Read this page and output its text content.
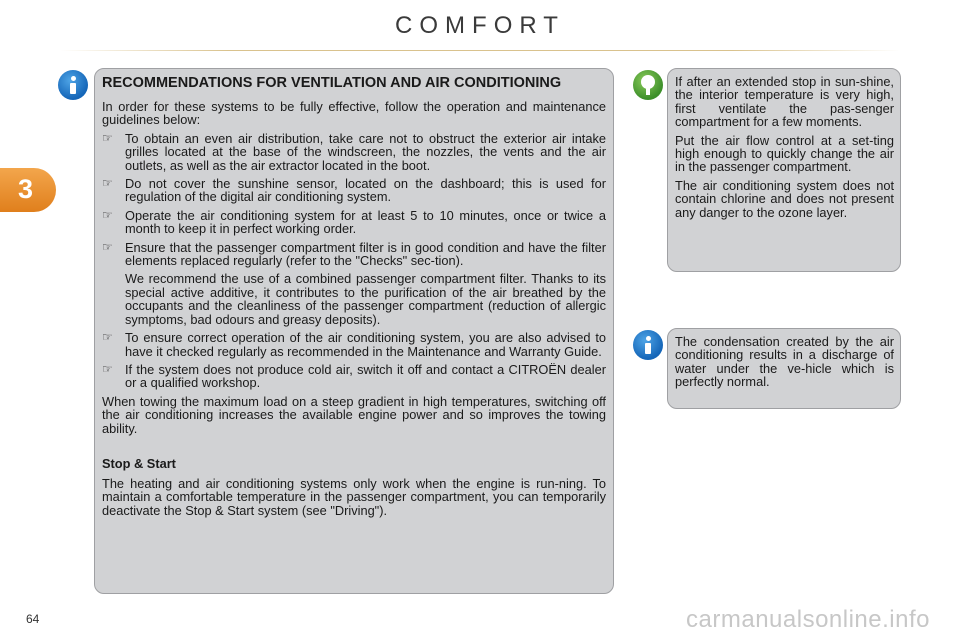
COMFORT
3
RECOMMENDATIONS FOR VENTILATION AND AIR CONDITIONING

In order for these systems to be fully effective, follow the operation and maintenance guidelines below:

☞ To obtain an even air distribution, take care not to obstruct the exterior air intake grilles located at the base of the windscreen, the nozzles, the vents and the air outlets, as well as the air extractor located in the boot.

☞ Do not cover the sunshine sensor, located on the dashboard; this is used for regulation of the digital air conditioning system.

☞ Operate the air conditioning system for at least 5 to 10 minutes, once or twice a month to keep it in perfect working order.

☞ Ensure that the passenger compartment filter is in good condition and have the filter elements replaced regularly (refer to the "Checks" sec-tion).

We recommend the use of a combined passenger compartment filter. Thanks to its special active additive, it contributes to the purification of the air breathed by the occupants and the cleanliness of the passenger compartment (reduction of allergic symptoms, bad odours and greasy deposits).

☞ To ensure correct operation of the air conditioning system, you are also advised to have it checked regularly as recommended in the Maintenance and Warranty Guide.

☞ If the system does not produce cold air, switch it off and contact a CITROËN dealer or a qualified workshop.

When towing the maximum load on a steep gradient in high temperatures, switching off the air conditioning increases the available engine power and so improves the towing ability.

Stop & Start

The heating and air conditioning systems only work when the engine is run-ning. To maintain a comfortable temperature in the passenger compartment, you can temporarily deactivate the Stop & Start system (see "Driving").

If after an extended stop in sun-shine, the interior temperature is very high, first ventilate the pas-senger compartment for a few moments.

Put the air flow control at a set-ting high enough to quickly change the air in the passenger compartment.

The air conditioning system does not contain chlorine and does not present any danger to the ozone layer.

The condensation created by the air conditioning results in a discharge of water under the ve-hicle which is perfectly normal.

64	carmanualsonline.info
